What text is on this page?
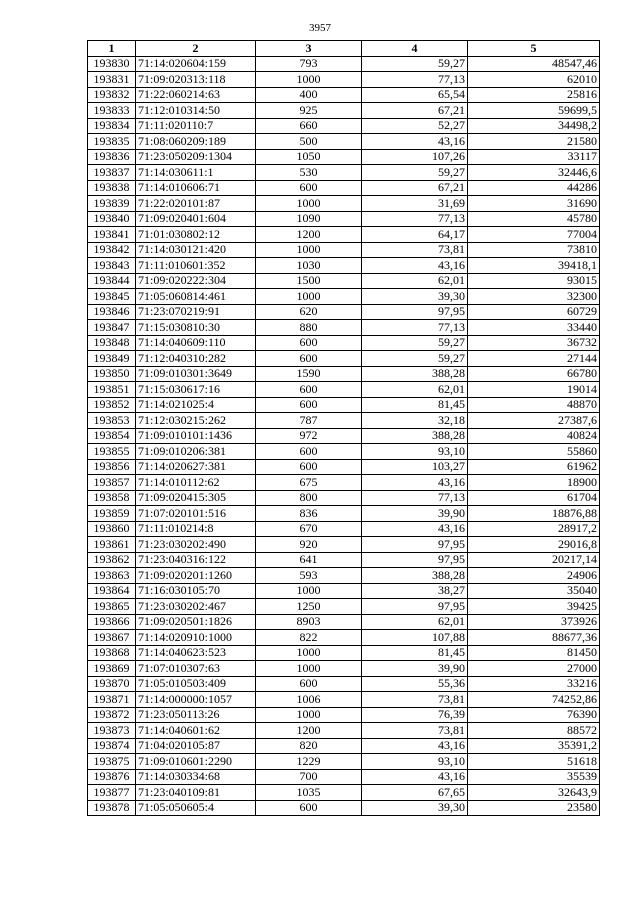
3957
1	2	3	4	5
193830	71:14:020604:159	793	59,27	48547,46
193831	71:09:020313:118	1000	77,13	62010
193832	71:22:060214:63	400	65,54	25816
193833	71:12:010314:50	925	67,21	59699,5
193834	71:11:020110:7	660	52,27	34498,2
193835	71:08:060209:189	500	43,16	21580
193836	71:23:050209:1304	1050	107,26	33117
193837	71:14:030611:1	530	59,27	32446,6
193838	71:14:010606:71	600	67,21	44286
193839	71:22:020101:87	1000	31,69	31690
193840	71:09:020401:604	1090	77,13	45780
193841	71:01:030802:12	1200	64,17	77004
193842	71:14:030121:420	1000	73,81	73810
193843	71:11:010601:352	1030	43,16	39418,1
193844	71:09:020222:304	1500	62,01	93015
193845	71:05:060814:461	1000	39,30	32300
193846	71:23:070219:91	620	97,95	60729
193847	71:15:030810:30	880	77,13	33440
193848	71:14:040609:110	600	59,27	36732
193849	71:12:040310:282	600	59,27	27144
193850	71:09:010301:3649	1590	388,28	66780
193851	71:15:030617:16	600	62,01	19014
193852	71:14:021025:4	600	81,45	48870
193853	71:12:030215:262	787	32,18	27387,6
193854	71:09:010101:1436	972	388,28	40824
193855	71:09:010206:381	600	93,10	55860
193856	71:14:020627:381	600	103,27	61962
193857	71:14:010112:62	675	43,16	18900
193858	71:09:020415:305	800	77,13	61704
193859	71:07:020101:516	836	39,90	18876,88
193860	71:11:010214:8	670	43,16	28917,2
193861	71:23:030202:490	920	97,95	29016,8
193862	71:23:040316:122	641	97,95	20217,14
193863	71:09:020201:1260	593	388,28	24906
193864	71:16:030105:70	1000	38,27	35040
193865	71:23:030202:467	1250	97,95	39425
193866	71:09:020501:1826	8903	62,01	373926
193867	71:14:020910:1000	822	107,88	88677,36
193868	71:14:040623:523	1000	81,45	81450
193869	71:07:010307:63	1000	39,90	27000
193870	71:05:010503:409	600	55,36	33216
193871	71:14:000000:1057	1006	73,81	74252,86
193872	71:23:050113:26	1000	76,39	76390
193873	71:14:040601:62	1200	73,81	88572
193874	71:04:020105:87	820	43,16	35391,2
193875	71:09:010601:2290	1229	93,10	51618
193876	71:14:030334:68	700	43,16	35539
193877	71:23:040109:81	1035	67,65	32643,9
193878	71:05:050605:4	600	39,30	23580
